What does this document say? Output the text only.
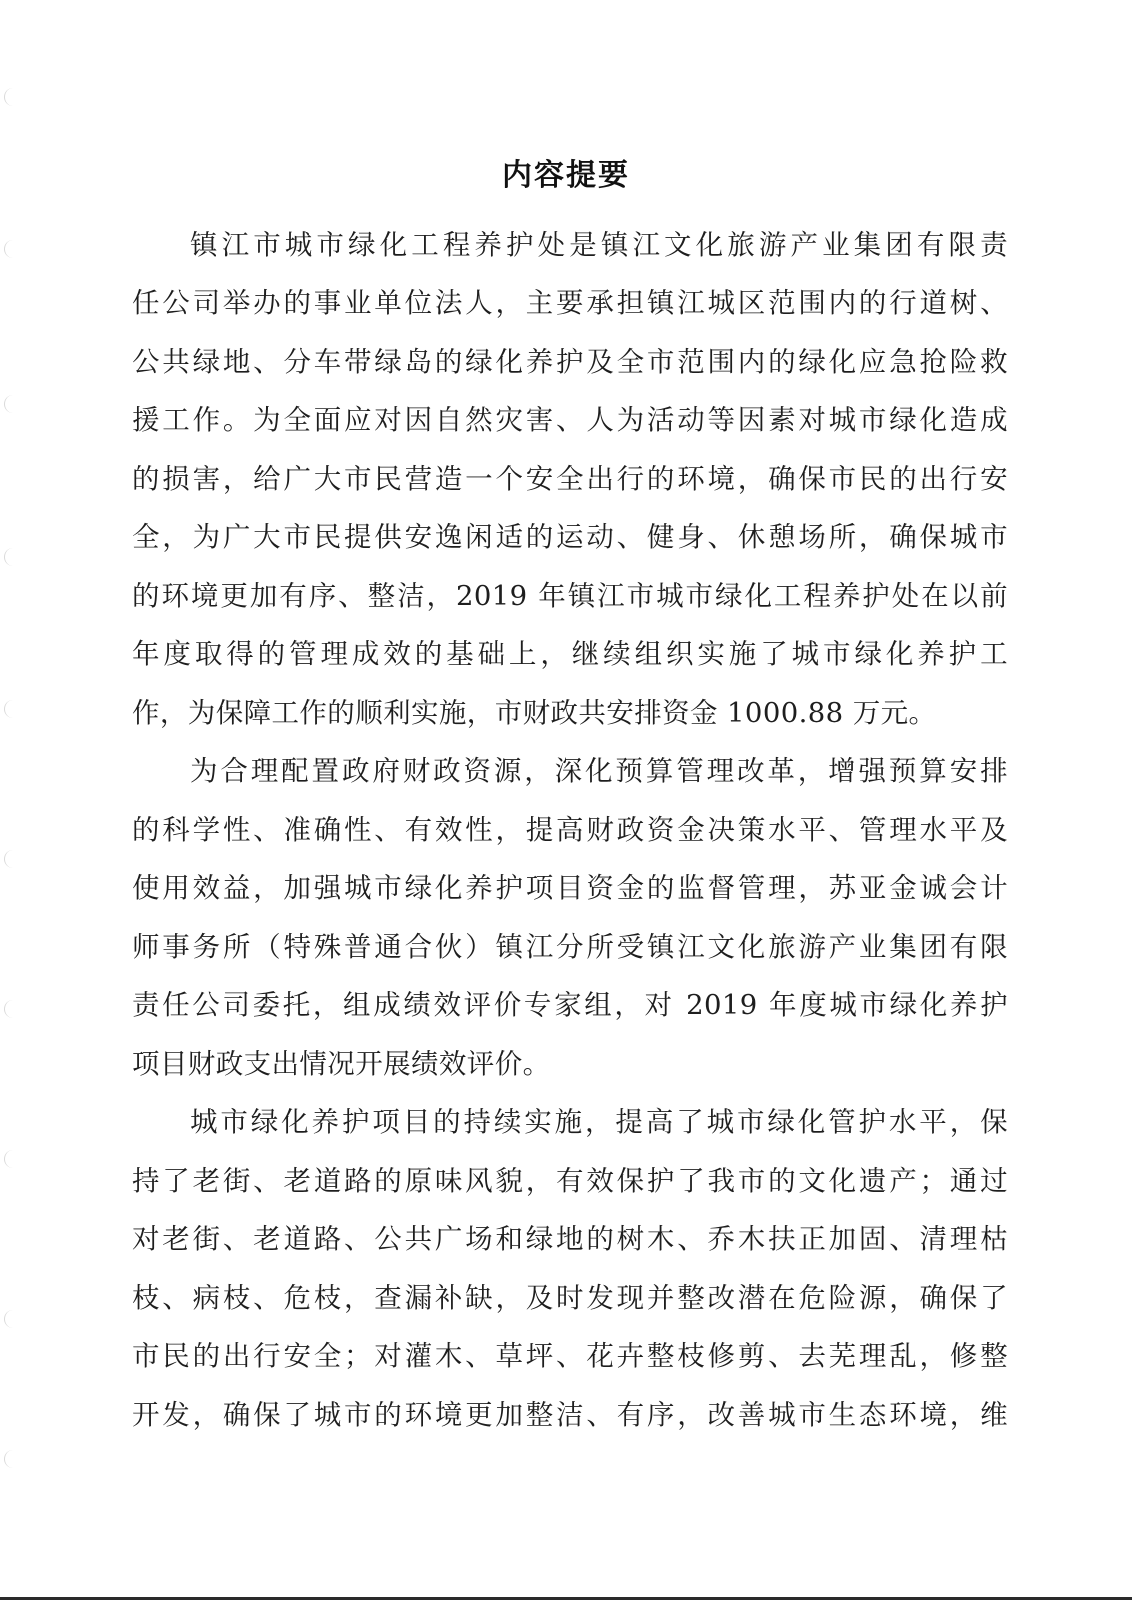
内容提要
镇江市城市绿化工程养护处是镇江文化旅游产业集团有限责
任公司举办的事业单位法人，主要承担镇江城区范围内的行道树、
公共绿地、分车带绿岛的绿化养护及全市范围内的绿化应急抢险救
援工作。为全面应对因自然灾害、人为活动等因素对城市绿化造成
的损害，给广大市民营造一个安全出行的环境，确保市民的出行安
全，为广大市民提供安逸闲适的运动、健身、休憩场所，确保城市
的环境更加有序、整洁，2019 年镇江市城市绿化工程养护处在以前
年度取得的管理成效的基础上，继续组织实施了城市绿化养护工
作，为保障工作的顺利实施，市财政共安排资金 1000.88 万元。
为合理配置政府财政资源，深化预算管理改革，增强预算安排
的科学性、准确性、有效性，提高财政资金决策水平、管理水平及
使用效益，加强城市绿化养护项目资金的监督管理，苏亚金诚会计
师事务所（特殊普通合伙）镇江分所受镇江文化旅游产业集团有限
责任公司委托，组成绩效评价专家组，对 2019 年度城市绿化养护
项目财政支出情况开展绩效评价。
城市绿化养护项目的持续实施，提高了城市绿化管护水平，保
持了老街、老道路的原味风貌，有效保护了我市的文化遗产；通过
对老街、老道路、公共广场和绿地的树木、乔木扶正加固、清理枯
枝、病枝、危枝，查漏补缺，及时发现并整改潜在危险源，确保了
市民的出行安全；对灌木、草坪、花卉整枝修剪、去芜理乱，修整
开发，确保了城市的环境更加整洁、有序，改善城市生态环境，维
